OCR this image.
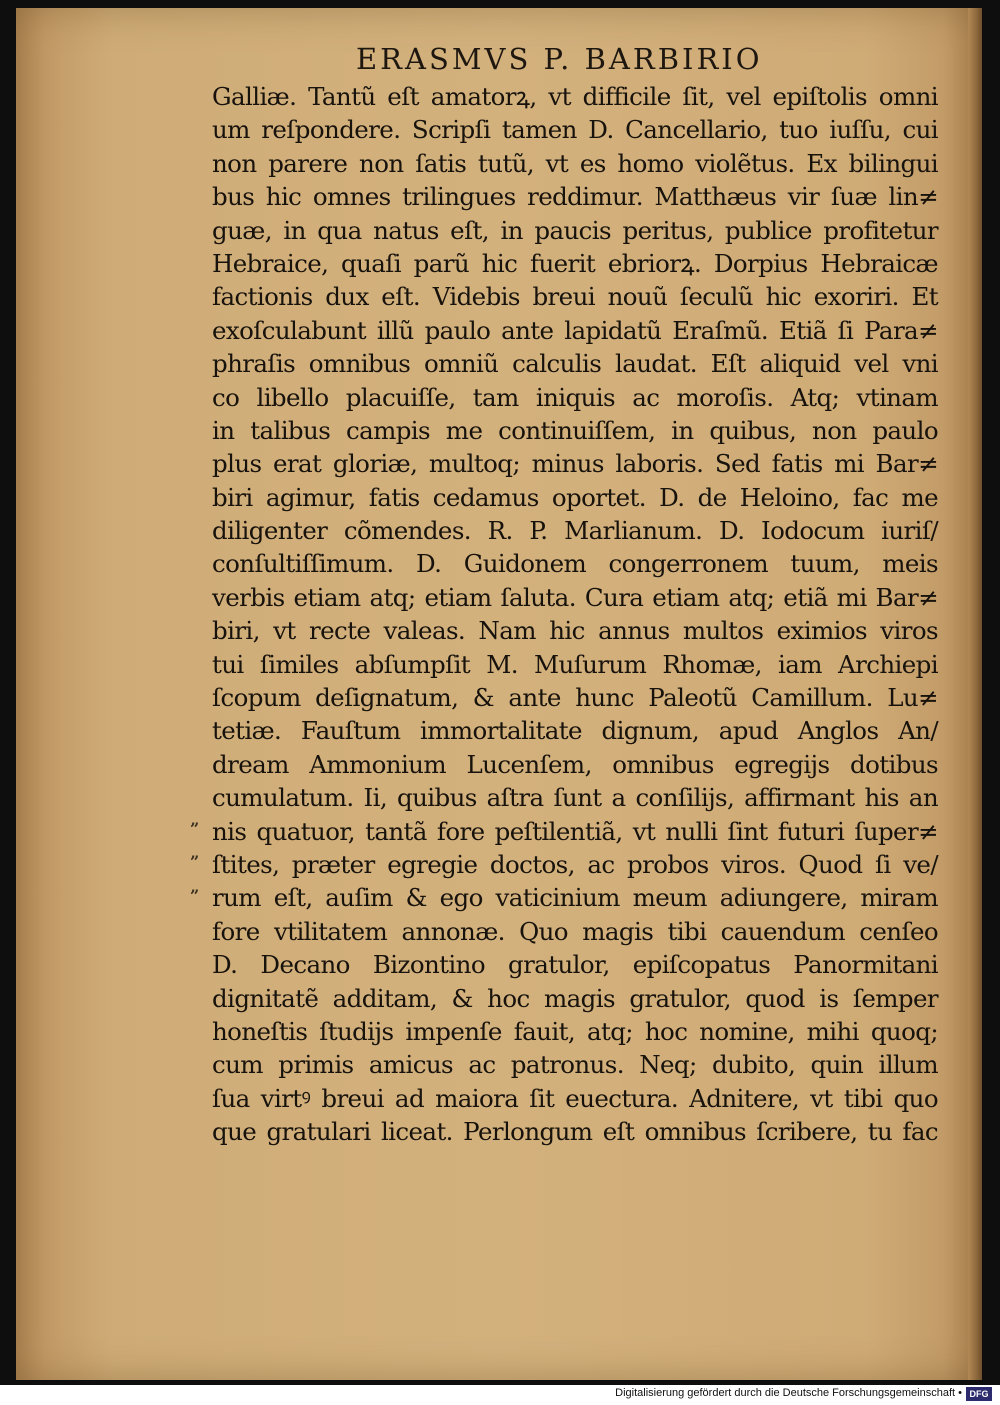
ERASMVS P. BARBIRIO
Galliæ. Tantũ eſt amatorꝝ, vt difficile ſit, vel epiſtolis omni
um reſpondere. Scripſi tamen D. Cancellario, tuo iuſſu, cui
non parere non ſatis tutũ, vt es homo violẽtus. Ex bilingui
bus hic omnes trilingues reddimur. Matthæus vir ſuæ lin≠
guæ, in qua natus eſt, in paucis peritus, publice profitetur
Hebraice, quaſi parũ hic fuerit ebriorꝝ. Dorpius Hebraicæ
factionis dux eſt. Videbis breui nouũ ſeculũ hic exoriri. Et
exoſculabunt illũ paulo ante lapidatũ Eraſmũ. Etiã ſi Para≠
phraſis omnibus omniũ calculis laudat. Eſt aliquid vel vni
co libello placuiſſe, tam iniquis ac moroſis. Atq; vtinam
in talibus campis me continuiſſem, in quibus, non paulo
plus erat gloriæ, multoq; minus laboris. Sed fatis mi Bar≠
biri agimur, fatis cedamus oportet. D. de Heloino, fac me
diligenter cõmendes. R. P. Marlianum. D. Iodocum iuriſ/
conſultiſſimum. D. Guidonem congerronem tuum, meis
verbis etiam atq; etiam ſaluta. Cura etiam atq; etiã mi Bar≠
biri, vt recte valeas. Nam hic annus multos eximios viros
tui ſimiles abſumpſit M. Muſurum Rhomæ, iam Archiepi
ſcopum deſignatum, & ante hunc Paleotũ Camillum. Lu≠
tetiæ. Fauſtum immortalitate dignum, apud Anglos An/
dream Ammonium Lucenſem, omnibus egregijs dotibus
cumulatum. Ii, quibus aſtra ſunt a conſilijs, affirmant his an
nis quatuor, tantã fore peſtilentiã, vt nulli ſint futuri ſuper≠
ſtites, præter egregie doctos, ac probos viros. Quod ſi ve/
rum eſt, auſim & ego vaticinium meum adiungere, miram
fore vtilitatem annonæ. Quo magis tibi cauendum cenſeo
D. Decano Bizontino gratulor, epiſcopatus Panormitani
dignitatẽ additam, & hoc magis gratulor, quod is ſemper
honeſtis ſtudijs impenſe fauit, atq; hoc nomine, mihi quoq;
cum primis amicus ac patronus. Neq; dubito, quin illum
ſua virtꝰ breui ad maiora ſit euectura. Adnitere, vt tibi quo
que gratulari liceat. Perlongum eſt omnibus ſcribere, tu fac
”
”
”
Digitalisierung gefördert durch die Deutsche Forschungsgemeinschaft • DFG
